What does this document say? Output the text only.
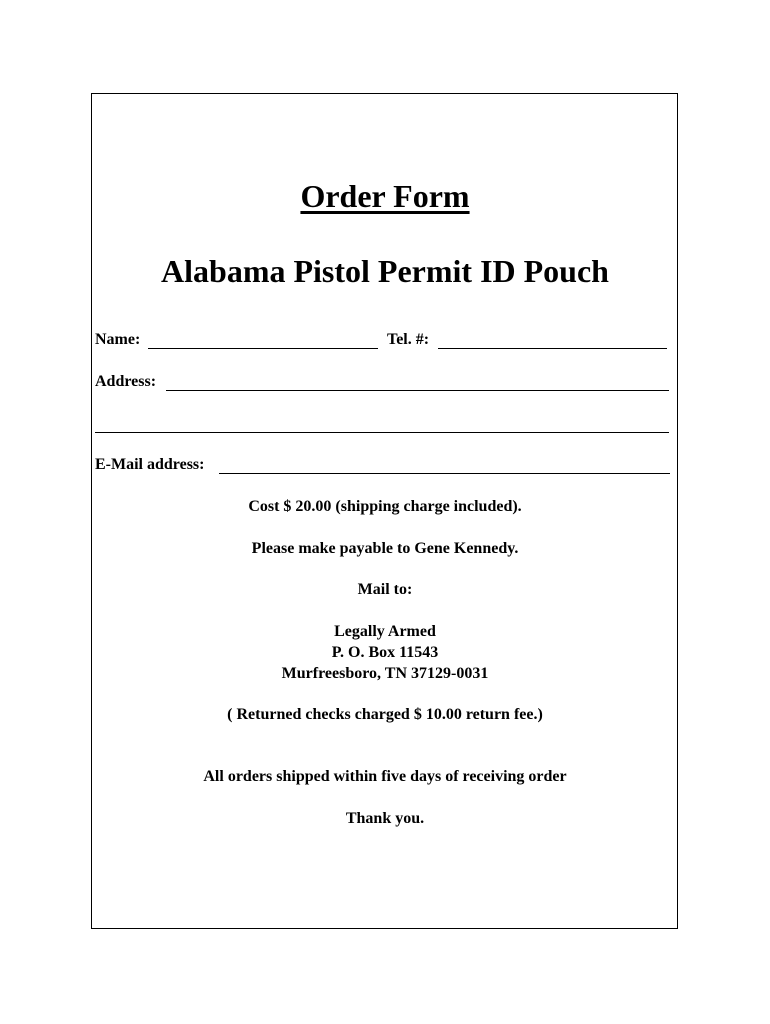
Order Form
Alabama Pistol Permit ID Pouch
Name:	Tel. #:
Address:
E-Mail address:
Cost $ 20.00 (shipping charge included).
Please make payable to Gene Kennedy.
Mail to:
Legally Armed
P. O. Box 11543
Murfreesboro, TN 37129-0031
( Returned checks charged $ 10.00 return fee.)
All orders shipped within five days of receiving order
Thank you.
